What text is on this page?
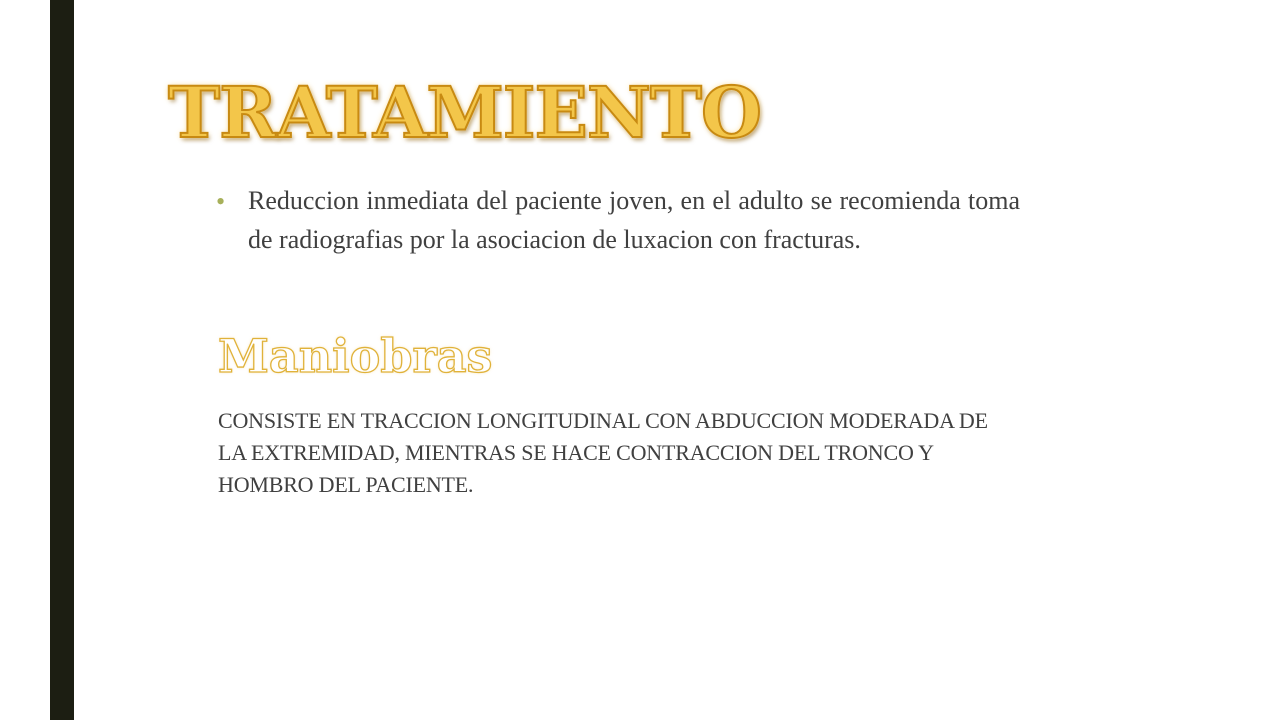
TRATAMIENTO
• Reduccion inmediata del paciente joven, en el adulto se recomienda toma de radiografias por la asociacion de luxacion con fracturas.

Maniobras

CONSISTE EN TRACCION LONGITUDINAL CON ABDUCCION MODERADA DE LA EXTREMIDAD, MIENTRAS SE HACE CONTRACCION DEL TRONCO Y HOMBRO DEL PACIENTE.
